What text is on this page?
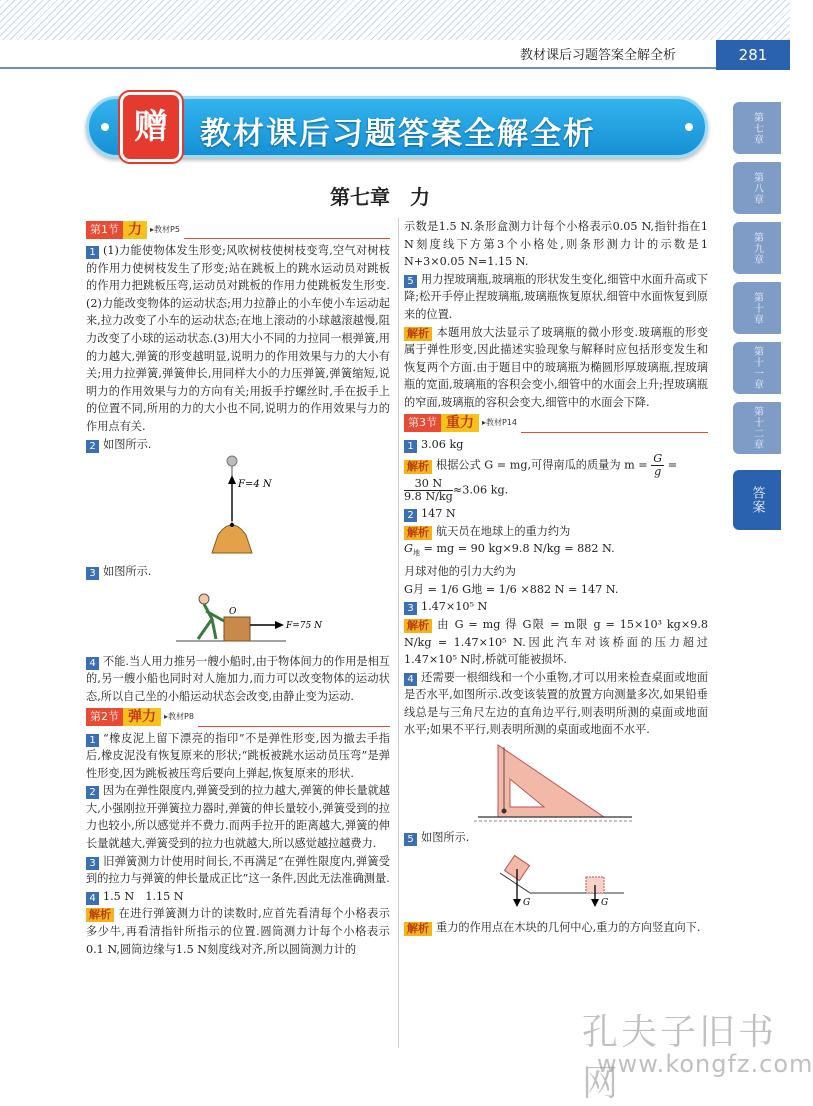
教材课后习题答案全解全析	281
第七章
第八章
第九章
第十章
第十一章
第十二章
答案
赠	教材课后习题答案全解全析
第七章　力
第1节 力	▸教材P5

1 (1)力能使物体发生形变;风吹树枝使树枝变弯,空气对树枝的作用力使树枝发生了形变;站在跳板上的跳水运动员对跳板的作用力把跳板压弯,运动员对跳板的作用力使跳板发生形变.(2)力能改变物体的运动状态;用力拉静止的小车使小车运动起来,拉力改变了小车的运动状态;在地上滚动的小球越滚越慢,阻力改变了小球的运动状态.(3)用大小不同的力拉同一根弹簧,用的力越大,弹簧的形变越明显,说明力的作用效果与力的大小有关;用力拉弹簧,弹簧伸长,用同样大小的力压弹簧,弹簧缩短,说明力的作用效果与力的方向有关;用扳手拧螺丝时,手在扳手上的位置不同,所用的力的大小也不同,说明力的作用效果与力的作用点有关.

2 如图所示.

F=4 N

3 如图所示.

O
F=75 N

4 不能.当人用力推另一艘小船时,由于物体间力的作用是相互的,另一艘小船也同时对人施加力,而力可以改变物体的运动状态,所以自己坐的小船运动状态会改变,由静止变为运动.

第2节 弹力	▸教材P8

1 “橡皮泥上留下漂亮的指印”不是弹性形变,因为撤去手指后,橡皮泥没有恢复原来的形状;“跳板被跳水运动员压弯”是弹性形变,因为跳板被压弯后要向上弹起,恢复原来的形状.

2 因为在弹性限度内,弹簧受到的拉力越大,弹簧的伸长量就越大,小强刚拉开弹簧拉力器时,弹簧的伸长量较小,弹簧受到的拉力也较小,所以感觉并不费力.而两手拉开的距离越大,弹簧的伸长量就越大,弹簧受到的拉力也就越大,所以感觉越拉越费力.

3 旧弹簧测力计使用时间长,不再满足“在弹性限度内,弹簧受到的拉力与弹簧的伸长量成正比”这一条件,因此无法准确测量.

4 1.5 N　1.15 N

解析 在进行弹簧测力计的读数时,应首先看清每个小格表示多少牛,再看清指针所指示的位置.圆筒测力计每个小格表示0.1 N,圆筒边缘与1.5 N刻度线对齐,所以圆筒测力计的

示数是1.5 N.条形盒测力计每个小格表示0.05 N,指针指在1 N刻度线下方第3个小格处,则条形测力计的示数是1 N+3×0.05 N=1.15 N.

5 用力捏玻璃瓶,玻璃瓶的形状发生变化,细管中水面升高或下降;松开手停止捏玻璃瓶,玻璃瓶恢复原状,细管中水面恢复到原来的位置.

解析 本题用放大法显示了玻璃瓶的微小形变.玻璃瓶的形变属于弹性形变,因此描述实验现象与解释时应包括形变发生和恢复两个方面.由于题目中的玻璃瓶为椭圆形厚玻璃瓶,捏玻璃瓶的宽面,玻璃瓶的容积会变小,细管中的水面会上升;捏玻璃瓶的窄面,玻璃瓶的容积会变大,细管中的水面会下降.

第3节 重力	▸教材P14

1 3.06 kg

解析 根据公式 G = mg,可得南瓜的质量为 $m = \frac{G}{g}$ =

$\frac{30 N}{9.8 N/kg} \approx 3.06$ kg.

2 147 N

解析 航天员在地球上的重力约为

$G_地$ = mg = 90 kg×9.8 N/kg = 882 N.

月球对他的引力大约为

G月 = 1/6 G地 = 1/6 ×882 N = 147 N.

3 1.47×10⁵ N

解析 由 G = mg 得 G限 = m限 g = 15×10³ kg×9.8 N/kg = 1.47×10⁵ N.因此汽车对该桥面的压力超过1.47×10⁵ N时,桥就可能被损坏.

4 还需要一根细线和一个小重物,才可以用来检查桌面或地面是否水平,如图所示.改变该装置的放置方向测量多次,如果铅垂线总是与三角尺左边的直角边平行,则表明所测的桌面或地面水平;如果不平行,则表明所测的桌面或地面不水平.

5 如图所示.

G	G

解析 重力的作用点在木块的几何中心,重力的方向竖直向下.

孔夫子旧书网
www.kongfz.com
